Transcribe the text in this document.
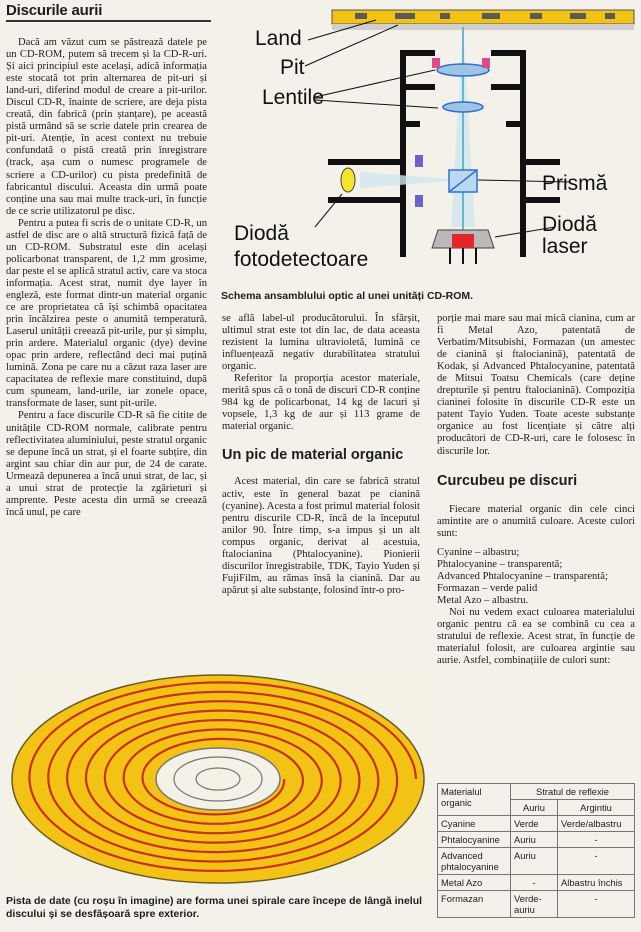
Discurile aurii

Dacă am văzut cum se păstrează datele pe un CD-ROM, putem să trecem și la CD-R-uri. Și aici principiul este același, adică informația este stocată tot prin alternarea de pit-uri și land-uri, diferind modul de creare a pit-urilor. Discul CD-R, înainte de scriere, are deja pista creată, din fabrică (prin ștanțare), pe această pistă urmând să se scrie datele prin crearea de pit-uri. Atenție, în acest context nu trebuie confundată o pistă creată prin înregistrare (track, așa cum o numesc programele de scriere a CD-urilor) cu pista predefinită de fabricantul discului. Aceasta din urmă poate conține una sau mai multe track-uri, în funcție de ce scrie utilizatorul pe disc.

Pentru a putea fi scris de o unitate CD-R, un astfel de disc are o altă structură fizică față de un CD-ROM. Substratul este din același policarbonat transparent, de 1,2 mm grosime, dar peste el se aplică stratul activ, care va stoca informația. Acest strat, numit dye layer în engleză, este format dintr-un material organic ce are proprietatea că își schimbă opacitatea prin încălzirea peste o anumită temperatură. Laserul unității creează pit-urile, pur și simplu, prin ardere. Materialul organic (dye) devine opac prin ardere, reflectând deci mai puțină lumină. Zona pe care nu a căzut raza laser are capacitatea de reflexie mare constituind, după cum spuneam, land-urile, iar zonele opace, transformate de laser, sunt pit-urile.

Pentru a face discurile CD-R să fie citite de unitățile CD-ROM normale, calibrate pentru reflectivitatea aluminiului, peste stratul organic se depune încă un strat, și el foarte subțire, din argint sau chiar din aur pur, de 24 de carate. Urmează depunerea a încă unui strat, de lac, și a unui strat de protecție la zgârieturi și amprente. Peste acesta din urmă se creează încă unul, pe care

Land
Pit
Lentile
Prismă
Diodă laser
Diodă
fotodetectoare
Schema ansamblului optic al unei unități CD-ROM.

se află label-ul producătorului. În sfârșit, ultimul strat este tot din lac, de data aceasta rezistent la lumina ultravioletă, lumină ce influențează negativ durabilitatea stratului organic.

Referitor la proporția acestor materiale, merită spus că o tonă de discuri CD-R conține 984 kg de policarbonat, 14 kg de lacuri și vopsele, 1,3 kg de aur și 113 grame de material organic.

Un pic de material organic

Acest material, din care se fabrică stratul activ, este în general bazat pe cianină (cyanine). Acesta a fost primul material folosit pentru discurile CD-R, încă de la începutul anilor 90. Între timp, s-a impus și un alt compus organic, derivat al acestuia, ftalocianina (Phtalocyanine). Pionierii discurilor înregistrabile, TDK, Tayio Yuden și FujiFilm, au rămas însă la cianină. Dar au apărut și alte substanțe, folosind într-o pro-

porție mai mare sau mai mică cianina, cum ar fi Metal Azo, patentată de Verbatim/Mitsubishi, Formazan (un amestec de cianină și ftalocianină), patentată de Kodak, și Advanced Phtalocyanine, patentată de Mitsui Toatsu Chemicals (care deține drepturile și pentru ftalocianină). Compoziția cianinei folosite în discurile CD-R este un patent Tayio Yuden. Toate aceste substanțe organice au fost licențiate și către alți producători de CD-R-uri, care le folosesc în discurile lor.

Curcubeu pe discuri

Fiecare material organic din cele cinci amintite are o anumită culoare. Aceste culori sunt:

Cyanine – albastru;
Phtalocyanine – transparentă;
Advanced Phtalocyanine – transparentă;
Formazan – verde palid
Metal Azo – albastru.

Noi nu vedem exact culoarea materialului organic pentru că ea se combină cu cea a stratului de reflexie. Acest strat, în funcție de materialul folosit, are culoarea argintie sau aurie. Astfel, combinațiile de culori sunt:

Pista de date (cu roșu în imagine) are forma unei spirale care începe de lângă inelul discului și se desfășoară spre exterior.
Materialul organic	Stratul de reflexie	
	Auriu	Argintiu
Cyanine	Verde	Verde/albastru
Phtalocyanine	Auriu	-
Advanced phtalocyanine	Auriu	-
Metal Azo	-	Albastru închis
Formazan	Verde-auriu	-
